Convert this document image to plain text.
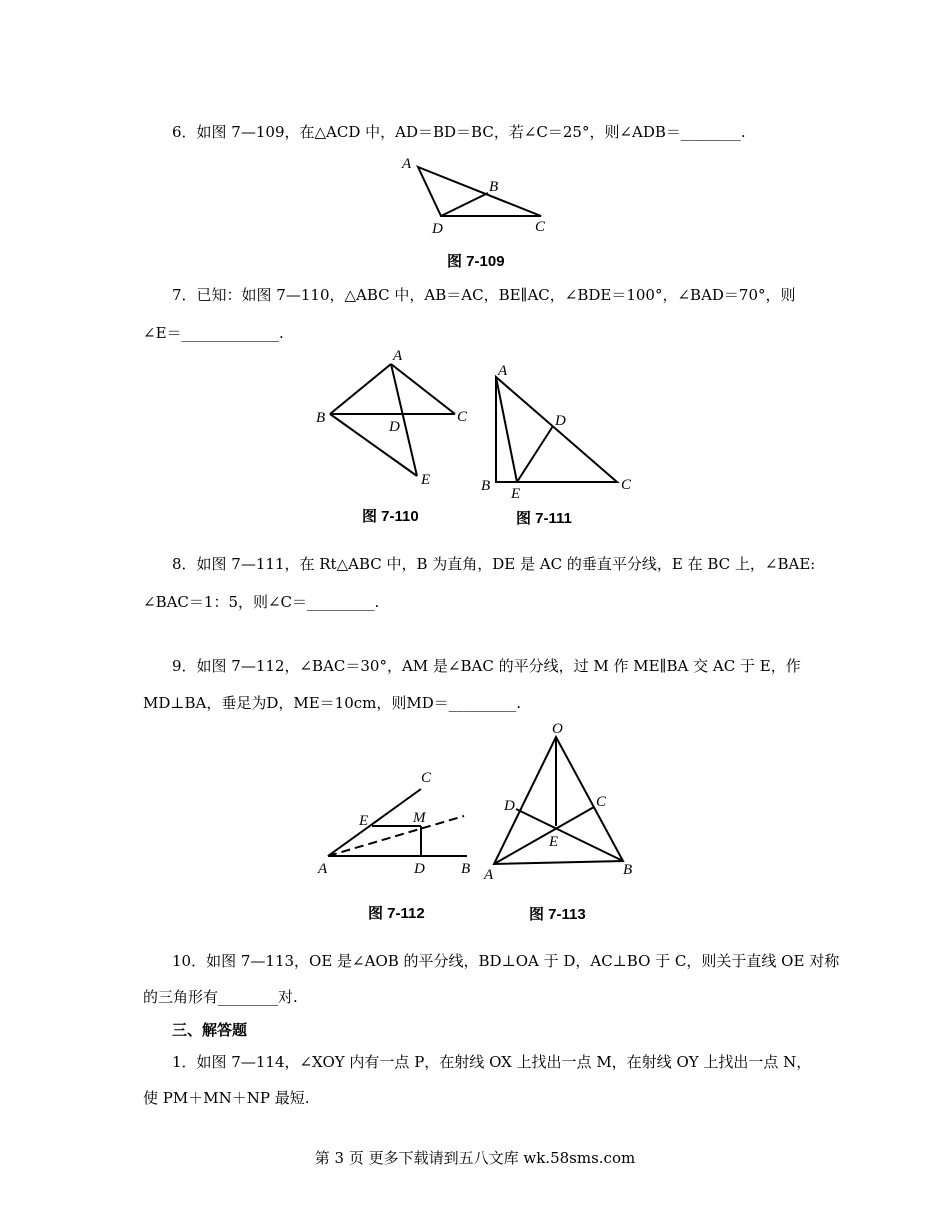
6．如图 7—109，在△ACD 中，AD＝BD＝BC，若∠C＝25°，则∠ADB＝________.
A
B
D	C
图 7-109
7．已知：如图 7—110，△ABC 中，AB＝AC，BE∥AC，∠BDE＝100°，∠BAD＝70°，则
∠E＝_____________.
A
B	C
D
E
图 7-110
A
B E
D
C
图 7-111
8．如图 7—111，在 Rt△ABC 中，B 为直角，DE 是 AC 的垂直平分线，E 在 BC 上，∠BAE:
∠BAC＝1：5，则∠C＝_________.
9．如图 7—112，∠BAC＝30°，AM 是∠BAC 的平分线，过 M 作 ME∥BA 交 AC 于 E，作
MD⊥BA，垂足为D，ME＝10cm，则MD＝_________.
C
E	M
A	D B
图 7-112
O
D	C
E
A	B
图 7-113
10．如图 7—113，OE 是∠AOB 的平分线，BD⊥OA 于 D，AC⊥BO 于 C，则关于直线 OE 对称
的三角形有________对.
三、解答题
1．如图 7—114，∠XOY 内有一点 P，在射线 OX 上找出一点 M，在射线 OY 上找出一点 N，
使 PM＋MN＋NP 最短.
第 3 页 更多下载请到五八文库 wk.58sms.com
